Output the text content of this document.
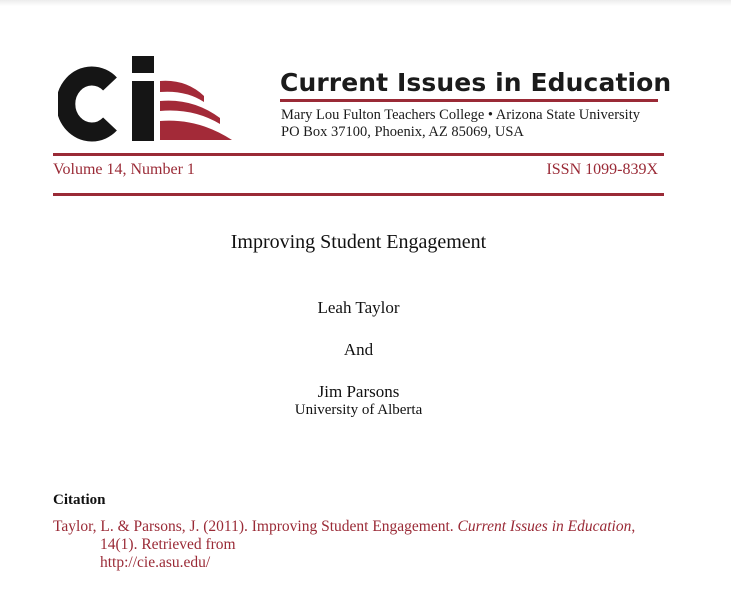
Current Issues in Education
Mary Lou Fulton Teachers College • Arizona State University
PO Box 37100, Phoenix, AZ 85069, USA
Volume 14, Number 1	ISSN 1099-839X
Improving Student Engagement
Leah Taylor
And
Jim Parsons
University of Alberta
Citation
Taylor, L. & Parsons, J. (2011). Improving Student Engagement. Current Issues in Education,
14(1). Retrieved from
http://cie.asu.edu/
